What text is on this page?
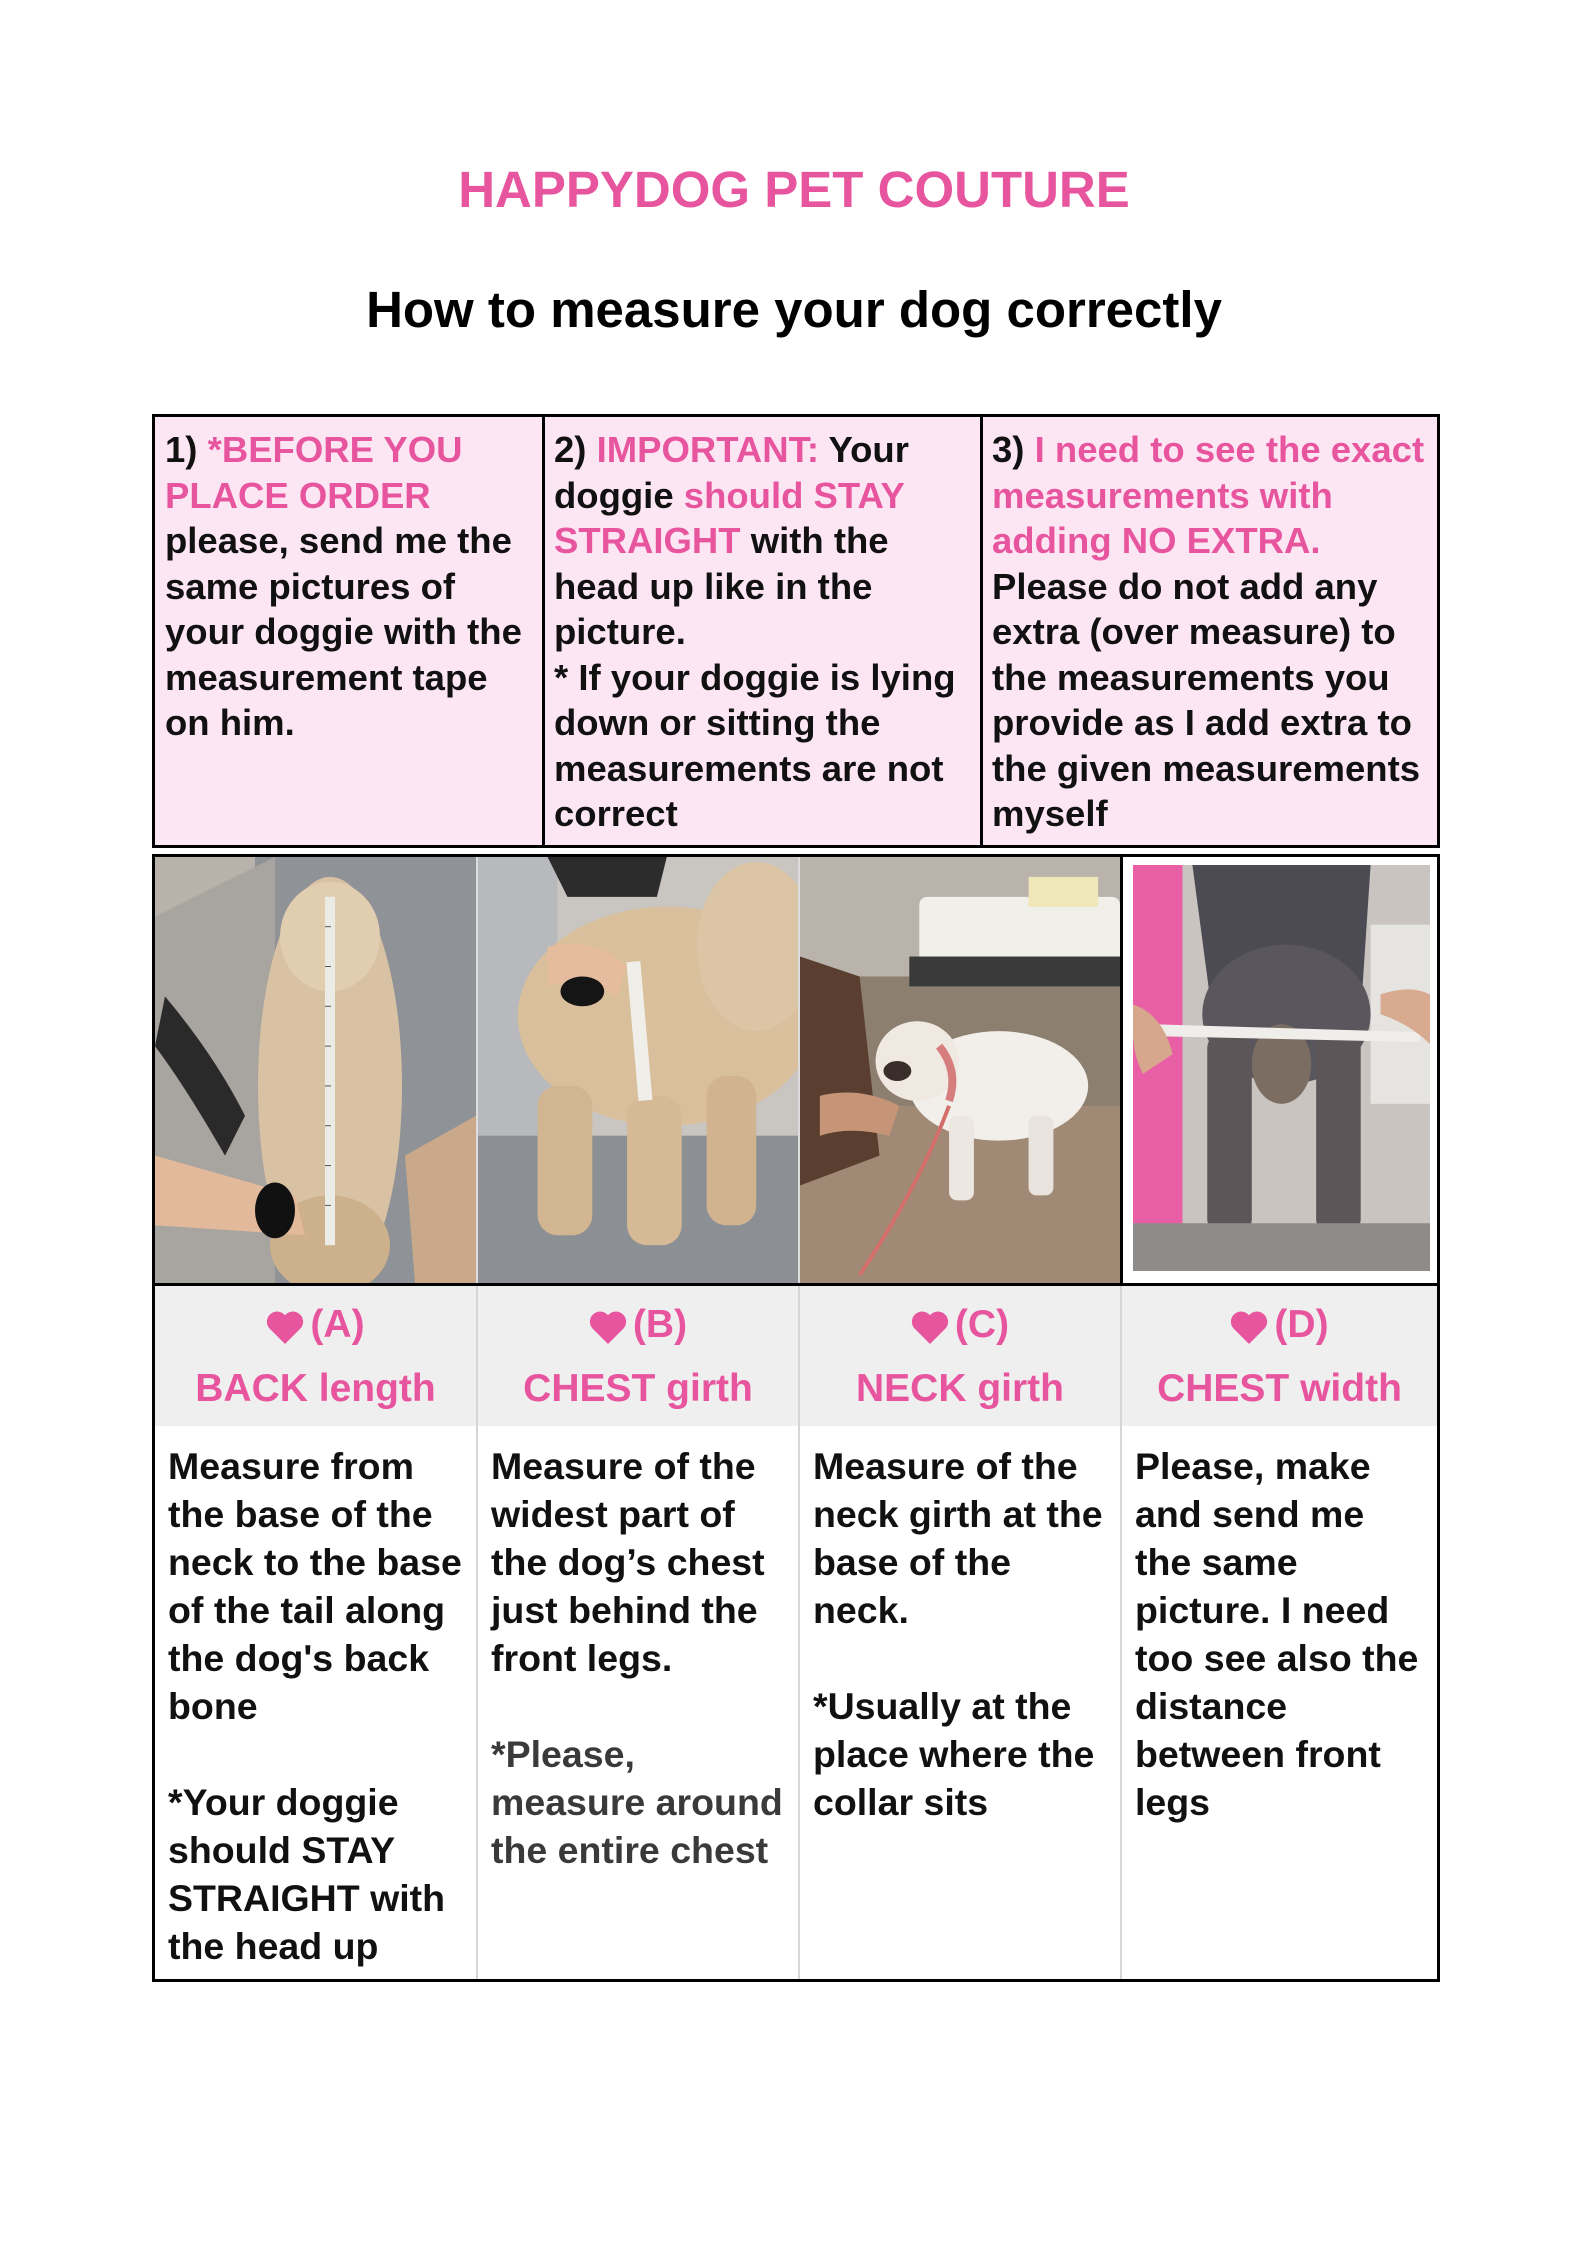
HAPPYDOG PET COUTURE
How to measure your dog correctly
1) *BEFORE YOU PLACE ORDER please, send me the same pictures of your doggie with the measurement tape on him.
2) IMPORTANT: Your doggie should STAY STRAIGHT with the head up like in the picture.
* If your doggie is lying down or sitting the measurements are not correct
3) I need to see the exact measurements with adding NO EXTRA.
Please do not add any extra (over measure) to the measurements you provide as I add extra to the given measurements myself
(A)
BACK length
(B)
CHEST girth
(C)
NECK girth
(D)
CHEST width
Measure from the base of the neck to the base of the tail along the dog's back bone
*Your doggie should STAY STRAIGHT with the head up
Measure of the widest part of the dog’s chest just behind the front legs.
*Please, measure around the entire chest
Measure of the neck girth at the base of the neck.
*Usually at the place where the collar sits
Please, make and send me the same picture. I need too see also the distance between front legs
